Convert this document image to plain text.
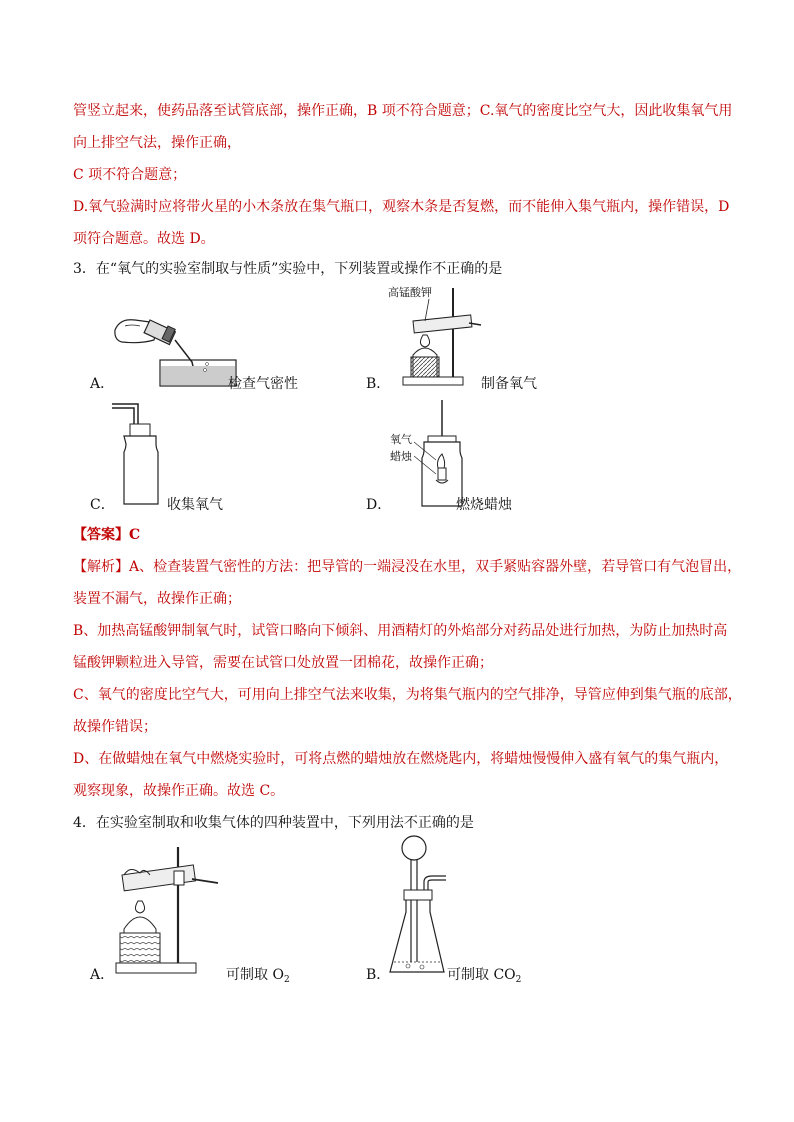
管竖立起来，使药品落至试管底部，操作正确，B 项不符合题意；C.氧气的密度比空气大，因此收集氧气用
向上排空气法，操作正确，
C 项不符合题意；
D.氧气验满时应将带火星的小木条放在集气瓶口，观察木条是否复燃，而不能伸入集气瓶内，操作错误，D
项符合题意。故选 D。
3．在“氧气的实验室制取与性质”实验中，下列装置或操作不正确的是
A．	检查气密性
高锰酸钾
B．	制备氧气
C．	收集氧气
氧气
蜡烛
D．	燃烧蜡烛
【答案】C
【解析】A、检查装置气密性的方法：把导管的一端浸没在水里，双手紧贴容器外壁，若导管口有气泡冒出，
装置不漏气，故操作正确；
B、加热高锰酸钾制氧气时，试管口略向下倾斜、用酒精灯的外焰部分对药品处进行加热，为防止加热时高
锰酸钾颗粒进入导管，需要在试管口处放置一团棉花，故操作正确；
C、氧气的密度比空气大，可用向上排空气法来收集，为将集气瓶内的空气排净，导管应伸到集气瓶的底部，
故操作错误；
D、在做蜡烛在氧气中燃烧实验时，可将点燃的蜡烛放在燃烧匙内，将蜡烛慢慢伸入盛有氧气的集气瓶内，
观察现象，故操作正确。故选 C。
4．在实验室制取和收集气体的四种装置中，下列用法不正确的是
A．	可制取 $O_2$	B．	可制取 $CO_2$
